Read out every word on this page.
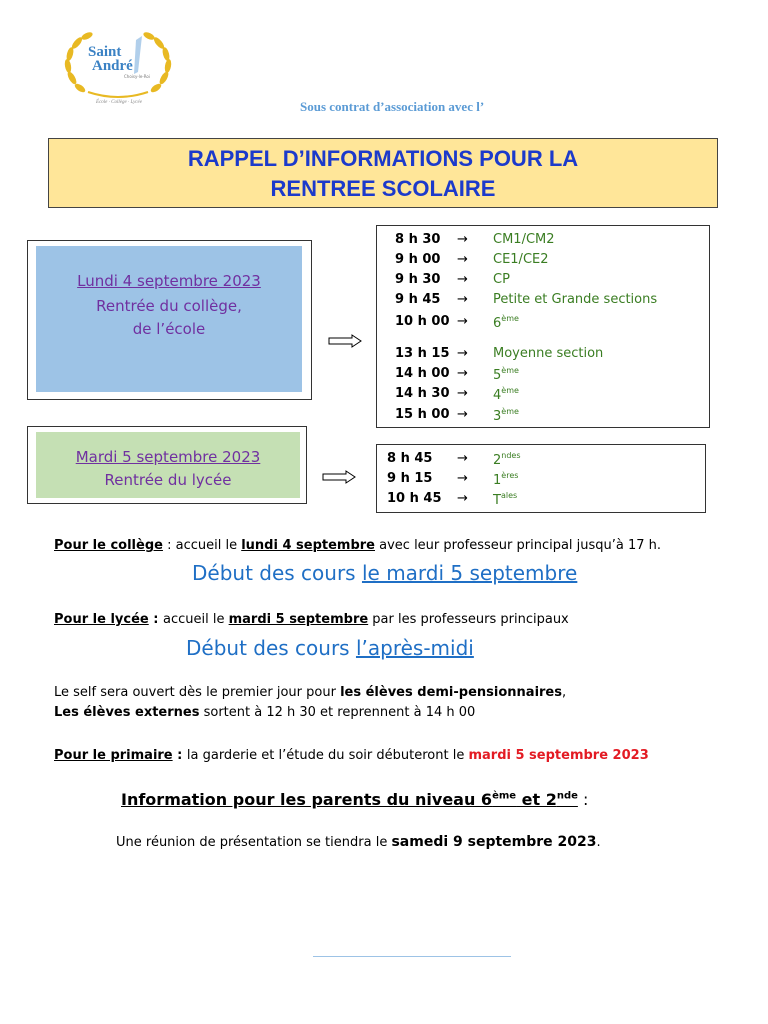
Saint
André
Choisy-le-Roi
École · Collège · Lycée	Sous contrat d’association avec l’
RAPPEL D’INFORMATIONS POUR LA
RENTREE SCOLAIRE
Lundi 4 septembre 2023
Rentrée du collège,
de l’école
Mardi 5 septembre 2023
Rentrée du lycée
8 h 30 → CM1/CM2
9 h 00 → CE1/CE2
9 h 30 → CP
9 h 45 → Petite et Grande sections
10 h 00 → 6ème
13 h 15 → Moyenne section
14 h 00 → 5ème
14 h 30 → 4ème
15 h 00 → 3ème
8 h $45 \to 2^{ndes}$
9 h 15 → 1ères
10 h $45 \to T^{ales}$
Pour le collège : accueil le lundi 4 septembre avec leur professeur principal jusqu’à 17 h.
Début des cours le mardi 5 septembre
Pour le lycée : accueil le mardi 5 septembre par les professeurs principaux
Début des cours l’après-midi
Le self sera ouvert dès le premier jour pour les élèves demi-pensionnaires,
Les élèves externes sortent à 12 h 30 et reprennent à 14 h 00
Pour le primaire : la garderie et l’étude du soir débuteront le mardi 5 septembre 2023
Information pour les parents du niveau 6ème et 2nde :
Une réunion de présentation se tiendra le samedi 9 septembre 2023.
